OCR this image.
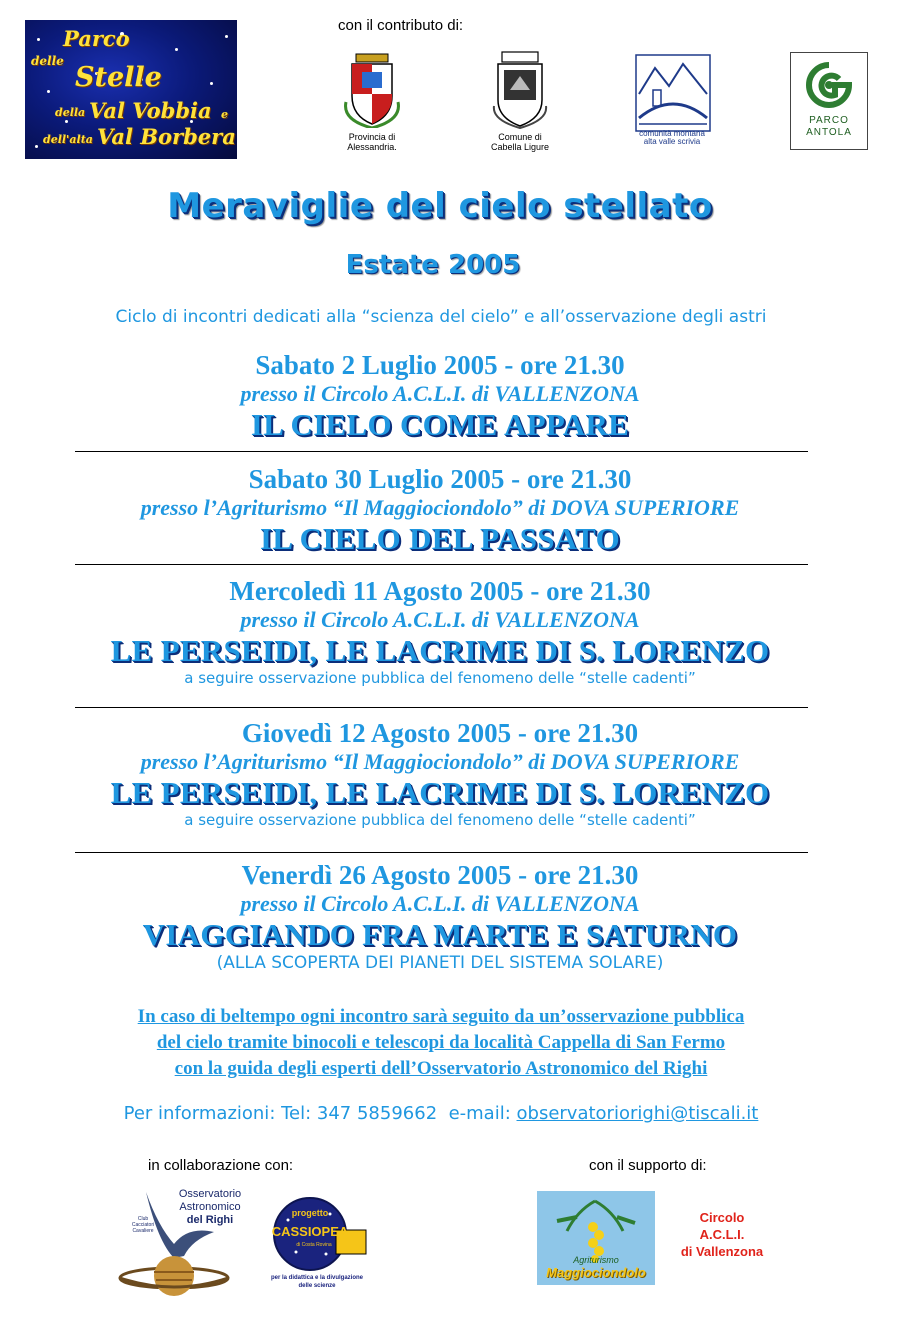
Parco
delle
Stelle
della Val Vobbia e
dell'alta Val Borbera
con il contributo di:
Provincia di
Alessandria.
Comune di
Cabella Ligure
comunità montana
alta valle scrivia
PARCO
ANTOLA
Meraviglie del cielo stellato
Estate 2005
Ciclo di incontri dedicati alla “scienza del cielo” e all’osservazione degli astri
Sabato 2 Luglio 2005 - ore 21.30
presso il Circolo A.C.L.I. di VALLENZONA
IL CIELO COME APPARE
Sabato 30 Luglio 2005 - ore 21.30
presso l’Agriturismo “Il Maggiociondolo” di DOVA SUPERIORE
IL CIELO DEL PASSATO
Mercoledì 11 Agosto 2005 - ore 21.30
presso il Circolo A.C.L.I. di VALLENZONA
LE PERSEIDI, LE LACRIME DI S. LORENZO
a seguire osservazione pubblica del fenomeno delle “stelle cadenti”
Giovedì 12 Agosto 2005 - ore 21.30
presso l’Agriturismo “Il Maggiociondolo” di DOVA SUPERIORE
LE PERSEIDI, LE LACRIME DI S. LORENZO
a seguire osservazione pubblica del fenomeno delle “stelle cadenti”
Venerdì 26 Agosto 2005 - ore 21.30
presso il Circolo A.C.L.I. di VALLENZONA
VIAGGIANDO FRA MARTE E SATURNO
(ALLA SCOPERTA DEI PIANETI DEL SISTEMA SOLARE)
In caso di beltempo ogni incontro sarà seguito da un’osservazione pubblica
del cielo tramite binocoli e telescopi da località Cappella di San Fermo
con la guida degli esperti dell’Osservatorio Astronomico del Righi
Per informazioni: Tel: 347 5859662  e-mail: observatoriorighi@tiscali.it
in collaborazione con:
Osservatorio
Astronomico
del Righi
Club Cacciatori Cavaliere
progetto
CASSIOPEA
di Costa Rovina
per la didattica e la divulgazione
delle scienze
con il supporto di:
Agriturismo
Maggiociondolo
Circolo
A.C.L.I.
di Vallenzona
